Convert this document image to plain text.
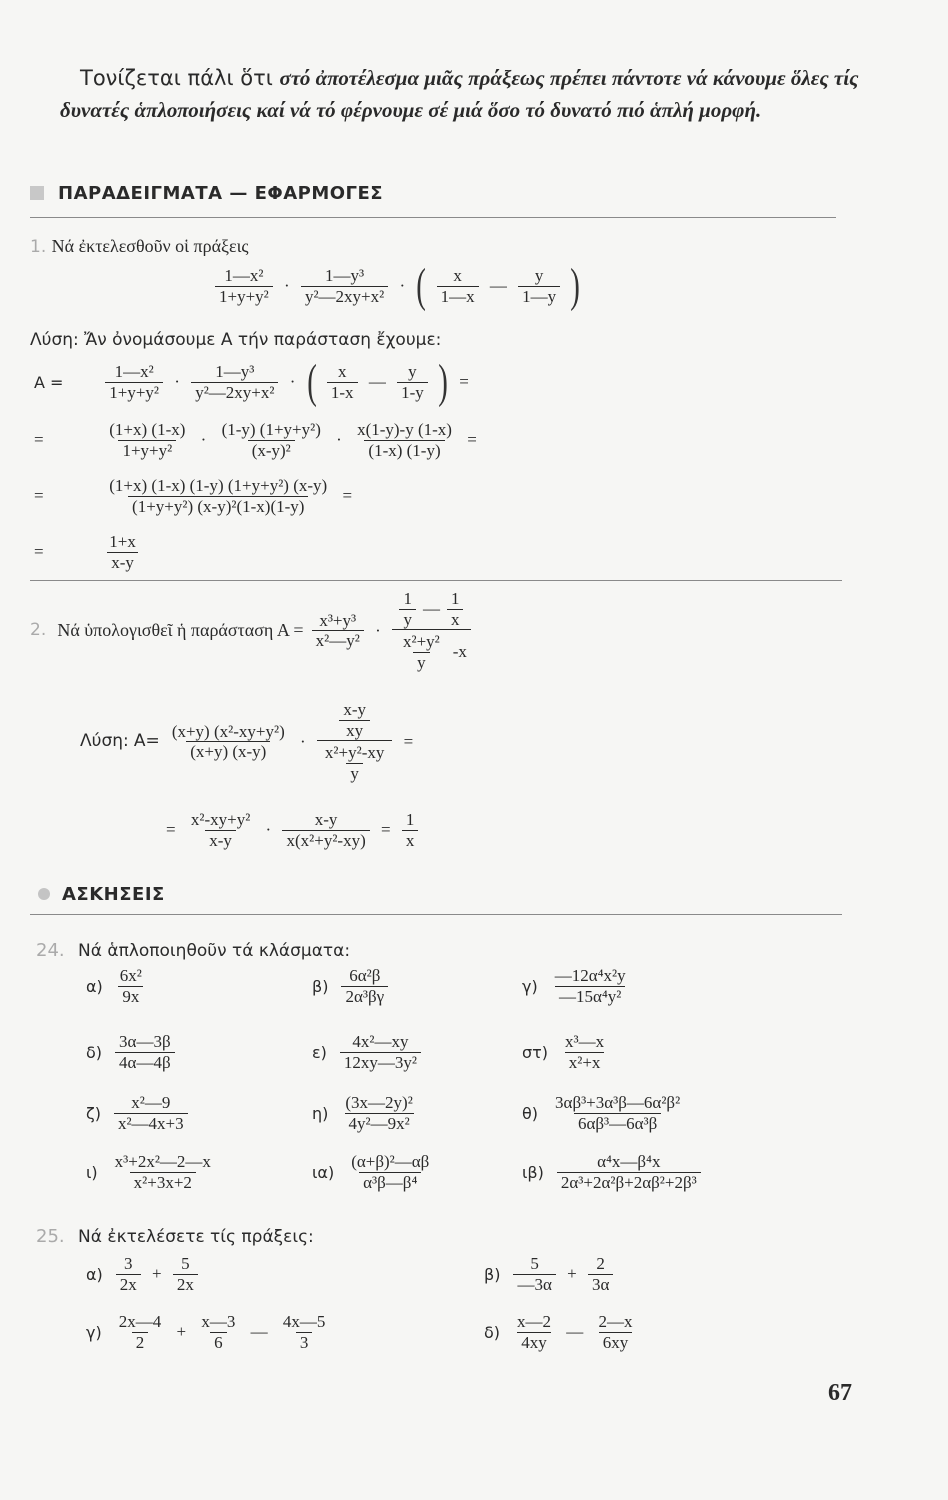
Τονίζεται πάλι ὅτι στό ἀποτέλεσμα μιᾶς πράξεως πρέπει πάντοτε νά κάνουμε ὅλες τίς δυνατές ἁπλοποιήσεις καί νά τό φέρνουμε σέ μιά ὅσο τό δυνατό πιό ἁπλή μορφή.
ΠΑΡΑΔΕΙΓΜΑΤΑ — ΕΦΑΡΜΟΓΕΣ
1. Νά ἐκτελεσθοῦν οἱ πράξεις
$\frac{\text{1—x²}}{\text{1+y+y²}} \cdot \frac{\text{1—y³}}{\text{y²—2xy+x²}}$ · ( $\frac{x}{1—x}$ — $\frac{y}{1—y}$ )
Λύση: Ἄν ὀνομάσουμε Α τήν παράσταση ἔχουμε:
$A = \frac{\text{1—x²}}{\text{1+y+y²}} \cdot \frac{\text{1—y³}}{\text{y²—2xy+x²}}$ · ( $\frac{x}{1-x}$ — $\frac{y}{1-y}$ ) =
=	$\frac{(1+x) (1-x)}{\text{1+y+y²}} \cdot \frac{\text{(1-y) (1+y+y²)}}{\text{(x-y)²}} \cdot \frac{x(1-y)-y (1-x)}{(1-x) (1-y)}$ =
=	$\frac{\text{(1+x) (1-x) (1-y) (1+y+y²) (x-y)}}{\text{(1+y+y²) (x-y)²(1-x)(1-y)}}$ =
=	$\frac{1+x}{x-y}$
2. Νά ὑπολογισθεῖ ἡ παράσταση $A = \frac{\text{x³+y³}}{\text{x²—y²}} \cdot \frac{\frac{1}{y} — \frac{1}{x}}{\frac{\text{x²+y²}}{y} -x}$
Λύση: $A= \frac{\text{(x+y) (x²-xy+y²)}}{(x+y) (x-y)} \cdot \frac{\frac{x-y}{xy}}{\frac{\text{x²+y²-xy}}{y}}$ =
= $\frac{\text{x²-xy+y²}}{x-y} \cdot \frac{x-y}{\text{x(x²+y²-xy)}} = \frac{1}{x}$
ΑΣΚΗΣΕΙΣ
24. Νά ἁπλοποιηθοῦν τά κλάσματα:
$\alpha) \frac{\text{6x²}}{9x}$	$\beta) \frac{\text{6α²β}}{\text{2α³βγ}}$	$\gamma) \frac{\text{—12α⁴x²y}}{\text{—15α⁴y²}}$
$\delta) \frac{3\alpha—3\beta}{4\alpha—4\beta}$	$\varepsilon) \frac{\text{4x²—xy}}{\text{12xy—3y²}}$	$\sigma\tau) \frac{\text{x³—x}}{\text{x²+x}}$
$\zeta) \frac{\text{x²—9}}{\text{x²—4x+3}}$	$\eta) \frac{\text{(3x—2y)²}}{\text{4y²—9x²}}$	$\theta) \frac{\text{3αβ³+3α³β—6α²β²}}{\text{6αβ³—6α³β}}$
$\iota) \frac{\text{x³+2x²—2—x}}{\text{x²+3x+2}}$	$\iota\alpha) \frac{\text{(α+β)²—αβ}}{\text{α³β—β⁴}}$	$\iota\beta) \frac{\text{α⁴x—β⁴x}}{\text{2α³+2α²β+2αβ²+2β³}}$
25. Νά ἐκτελέσετε τίς πράξεις:
$\alpha) \frac{3}{2x} + \frac{5}{2x}$	$\beta) \frac{5}{—3\alpha} + \frac{2}{3\alpha}$
$\gamma) \frac{2x—4}{2} + \frac{x—3}{6}$ — $\frac{4x—5}{3}$	$\delta) \frac{x—2}{4xy}$ — $\frac{2—x}{6xy}$
67
